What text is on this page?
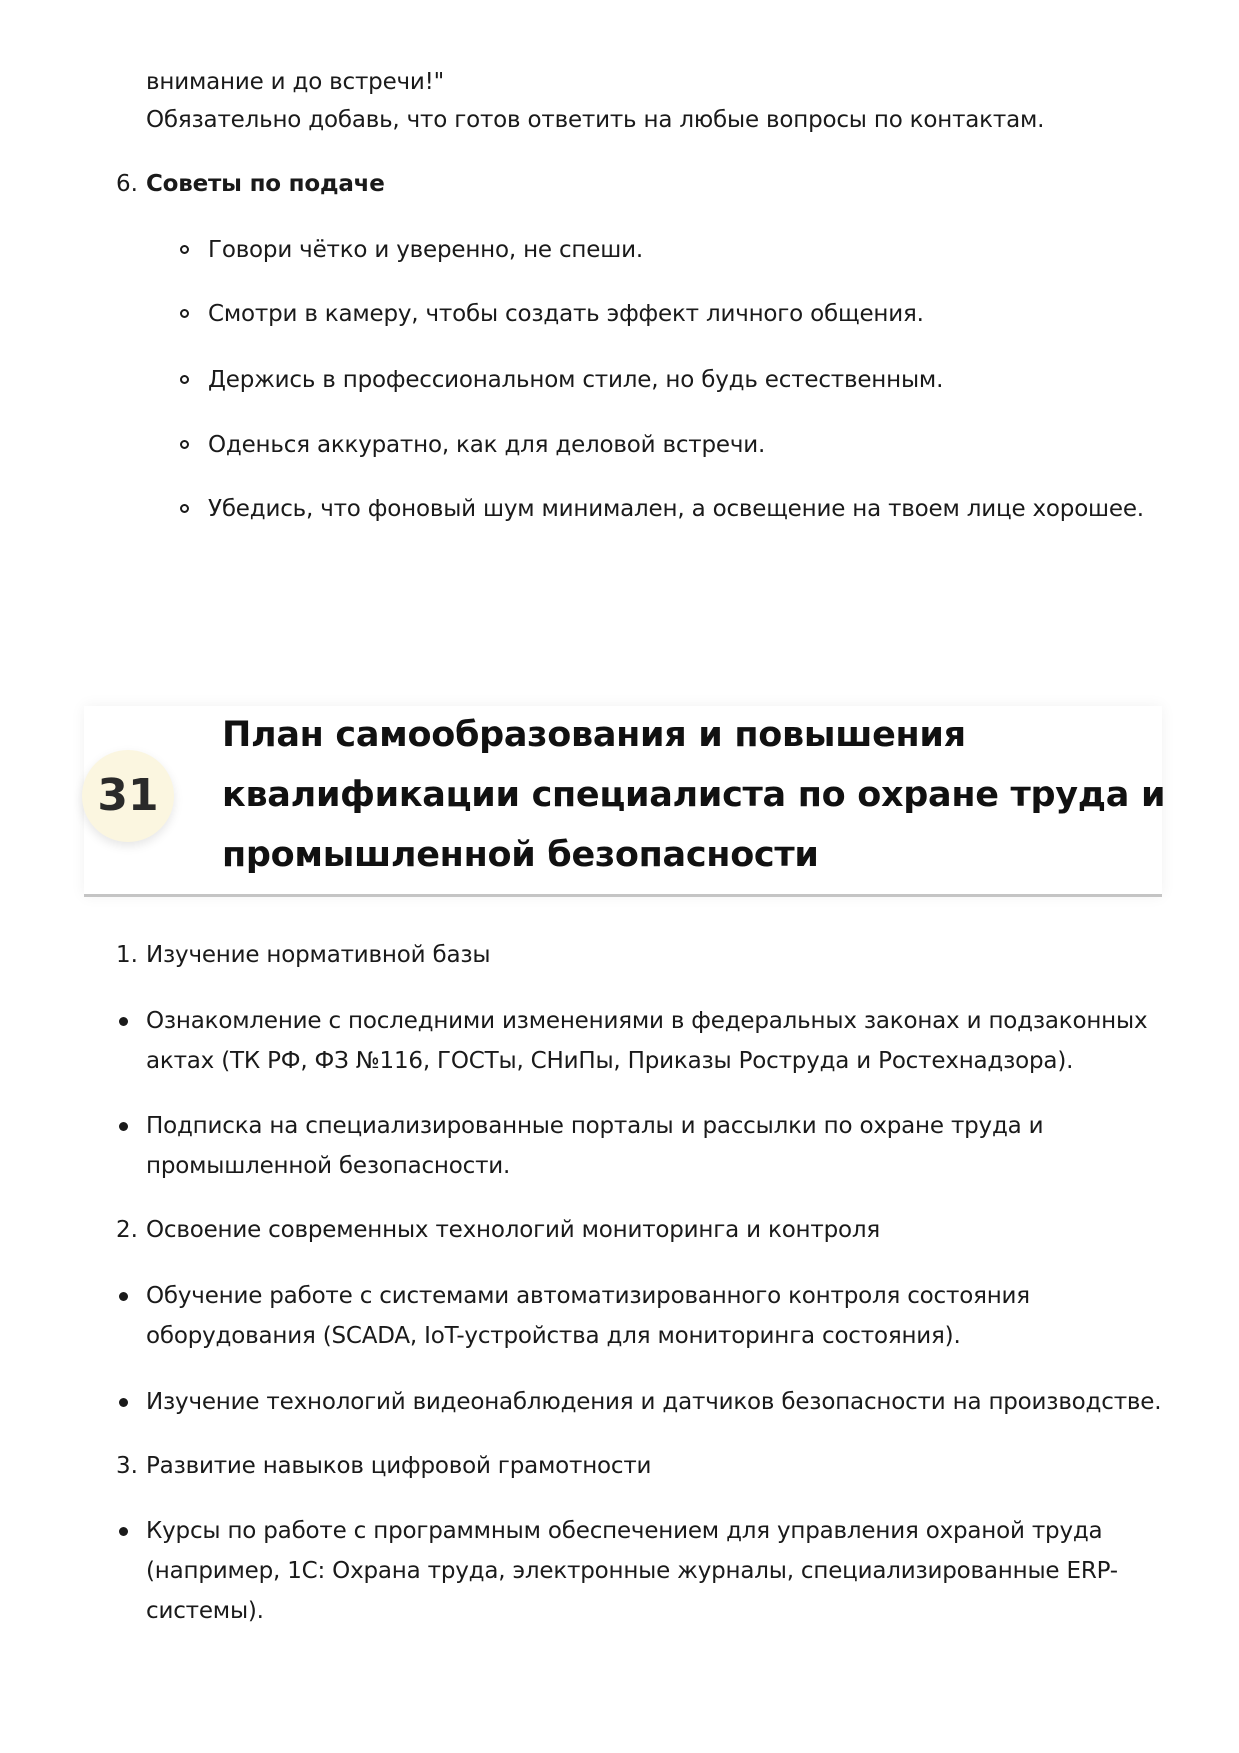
внимание и до встречи!"
Обязательно добавь, что готов ответить на любые вопросы по контактам.
6. Советы по подаче
Говори чётко и уверенно, не спеши.
Смотри в камеру, чтобы создать эффект личного общения.
Держись в профессиональном стиле, но будь естественным.
Оденься аккуратно, как для деловой встречи.
Убедись, что фоновый шум минимален, а освещение на твоем лице хорошее.
31
План самообразования и повышения
квалификации специалиста по охране труда и
промышленной безопасности
1. Изучение нормативной базы
Ознакомление с последними изменениями в федеральных законах и подзаконных
актах (ТК РФ, ФЗ №116, ГОСТы, СНиПы, Приказы Роструда и Ростехнадзора).
Подписка на специализированные порталы и рассылки по охране труда и
промышленной безопасности.
2. Освоение современных технологий мониторинга и контроля
Обучение работе с системами автоматизированного контроля состояния
оборудования (SCADA, IoT-устройства для мониторинга состояния).
Изучение технологий видеонаблюдения и датчиков безопасности на производстве.
3. Развитие навыков цифровой грамотности
Курсы по работе с программным обеспечением для управления охраной труда
(например, 1С: Охрана труда, электронные журналы, специализированные ERP-
системы).
